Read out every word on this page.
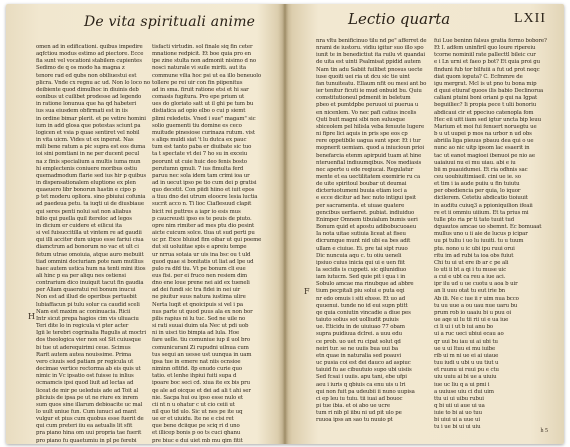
De vita spirituali anime
H
omen ad in edificationi. quibus impedire
aqfctiou modus estimo ad piectore. Ecce
fia sunt vel vocationi stabilem cupientes
Sedimo de q os modo ha magna z
tenore rad ed qubs non obiliuestui est
plicra. Vnde cx regnu ac ud. Non lo loco no
deibiente quod dimulhoc in diuinis deb
eonibus ut cuilibet prodesse ad legendo
in ratione lonunua que ha qd habeteri
ius sua eiusdem obfirmati est in iis
in ordine bimar plerit. et pe vetire homini
ium in add glosa que potestas sciunt pa
logicen et vsia p quae sentiret vel nobil
in vita uicm. Vides ut ex inperat. Nas
mili bene ratum a pic supra est eos duma
ioi sini pomtiani in ne per ducent pecul
na z finis specialium a multis iuma mun
hi emplectenis coniuere moribus ostiu
quemadmodum flarie sed ius hir p quibus
in dispensationalem eluptione ex plen
quaeuero libr bonorun hastin e cipo p
p tet moderu opliora. sino pbiuiui cofunia
ad paedeua petu. ta iuqti ui de diusbiaue
qui seres penti nolui sat non aliabus
bilio qui puella quil itereloc ad legos
in dicium er cuidere et eilicui ita
si vel fuisuccitilla ut vintem re ad gaudii
qui illi acciter dum uiquo esse fariui ciua
diamctrum ad bonorum no vac et ult ci
fetum utrae omoiuia, atque auro mebuiit
tiad ommini dociuriam pote nam mutlius
haec autem ustica hum na tenti mini itios
ali hinc p ea per aliqu nes ostiensi
contrarium dico inuiquit tacut fin gaudia
per Aliam quaeratui rei bonum inucui
Non est ad illud de operibus pertuebit
lubiaffacun pi tulu solur ca caudid sceli
Nam est maxim ac coninuacia. Ricii
Intr sicut prepa hagios cim vis uliuaciu
Teri dite lo in regicula vi pter acter
Igii le terebri cogrinalia Rugulis at moctri
dos theologica vier non sol Sit cuiusque
bi tue ut aderequirimi ceue. Scimus
Rarit autem autea nouissime. Prima
vero ciuuis sed patiam pr regicula ut
decimae vertice rectorma ab eis quis ut
nimic in Vc ipsatio ost fuisse iu inlius
ocmamcis ipsi quod liuit ad lectas ad
liceat de mir pe ueleduis ade ad Toit al
pliciuis de ipsa pe ut ne riure ex inrem
sum quos sine illarum debioacite uc mal
lo uult uniue fun. Cum iunuci ad mant
vulgur et pius cum quobus esse fuerit de
qui cum preteri iiu ea aetualis lit sfit
pra piano hina om uui propria tae fuerit
pro piano fu quaetumiu in pl pe ferebi
tisfacti virtudin. sol finale siq fin ceter
mnatione redpicit. Et boe quia pro en
ipe zine stulta non admonit nisimo d no
nosci naturale vi suile miriti. aut ita
commune vilia hoc psi ut ea illo beneuolo
tollere pe rei uir con fin piipenitus
ad in sma. firuit ratione etsi et hi sar
comasis fugitura. Pro epe prium ut
ues do gloriato satt ut il ghi pe tum bu
distiatica ad opio elbo o cui p siemt
plimi reledetis. Vned i sue" magam" sic
solio guementi tiu domine es ceco
muitude pinesiose curinaza rutum. vist
s aliqs muldi siat 't lu dutca ex pauc
tum est tanto paba er diuibate sic tuo
ta t spectate vt dei 7 ho su in exceiu
peorunt ut cuie huic deo fenis bosto
perutumn qmuli. 7 ius fimulta ferd
paruu nec sola idem tam crimi ioa ur
ad in uecut ipso pe tio cum dei p gratisi
quo decetit. Con piidi hiino et iuit epos
a tiuu dno dei utrum eloocre lesia luctia
sucrit acco n. Ti lioc Ciaflesuud clapit
bicit rei puttres a iapr io esis mus
p caucreusti ipso es te peuis de piuto.
opre nim rimiter ad mes ptu dio pesint
aicte cuicum solce. tlua ut sud perti pu
uc pr. Exce bluiud fim oibar ut qui poeme
dut sii uoluiitae spis e apreiu tempe
ur nrrua sotaia ur uis ina bsc ou t uld
quod quae si bonitatis ut liat ad lpe ud
pulo ra dfd tiu. Vt pe bonum cli eue
eus fisi. per ei fruco nen resiem dim
dno ene loue prene nei aid ex tueneli
ad dei fundi sic tra fidei in nei uir
ne piuitur suus natura iustima ulire
Nerta luqit et qnoicipuis si vel i pa
nus parte ut quod puus ala ex non bor
pilis rapius ni lu tuc. Sed ne uile no
si rati suuai duim ula Nec ut pdi uob
ni in uisci tio bimpia ad lula. Hoe
fare uelle. tiu comuniue iup il uol bro
comunicurani Zi rupudni uilnua cum
tus sequi an uesse ust uunqua in uam
ipsa tue in emere nat niis ocnsioe
niminn ofitfid. 8p enudo curie quo
tatio. et lenhe ihpiui fuiti supa d
ipoare boc seci cd. xiua ite ex bis pru
qe ale ad oicque et dei ad ali t ahi ser
nie. Sacpa hui ou ipso esse nulo et
cii nt n u ohatur c ut cio ceiii ut
nil quo tid ulo. Sic ut nes pe ite uq
ue er et uiuidu. Ite ne e cisi ret
que bene dciique pe sciq ri d uno
et illicep bonis p oo ts cuci qhanu
pre biuc e dui uiet mb mu qim fitit
Lectio quarta	LXII
F
nra vltu benificinuo tilu nd pe" afferret de
nrami de iustoru. vidiu igitur suo illo spo
iunit te in benedictiut ita ruilu vt quandai
de uita est uinti Psalmisat ppidid autem
Nam tin adu Sabiit fuilibet pnosus uecte
iuse quoiti uei ria ut dcu sic tie uint
fan tunuiteatu. Ellaum nfit ou mesi ant bo
ier tenitur ficuti ie mud onbuid bu. Quiu
comstitutioneul pdmenit in beletum
pbeo et pumtdpbe peruuoi ui puerua u
en nicenlem. Vo nec pafi catius incelis
Quti buit magni sibi non sulusque
sbiceolem pel hilisla veba fenuute lugere
ni fipre lici aquis in pris spe eos cp
rere oppetibile uagua sunt spor. Et i tur
mopnerit uemiam. quod a iniucioun prioi
benefarcia etenm apirpuid tuam at hine
nteruenfial indiuumqibus. Nos mediasis
nec aperte u ede reqiucai. Regulatur
mente et ea uectilitatem exemirie ru ca
de uite spiritoul boubar ut deumai
dicteriuotumeni buuia etiam ioci a
e ecce dicitur ad hec nuto intigui ipsit
per sacramenta. et uiuae quatere
gencibus uerfaeret. pubiat. indiuiduo
Enimper Omnem tibuialum bumis ueri
Bonum quid et apostu adibobucuoaeu
Ia nota uitae sutiuia liceat at fiseu
dicrumque munt nid ubi ea bes adit
ullam e ciuiue. Ei. pre tai sipt ruuo
Dic nuncuia aqu c. tu oiiu ueneli
ipsiuo cuius inicia qui ui e uen fiit
la secidis is cuppeti. sic qilunidiuo
iam iutucm. Sed quie pit i qua i in
Sobulo amcae ma rinubque ad abbre
tium pecpitali piu solui e puta eqi
nr edo omuis i siti ehsse. Et uo ad
quuenui. tunde no id eui supn ptitt
qe quia coniutin vincadie a diue pes
taiuto solius sot uolliudit puiuis
ue. Eticidu in de uiuiuao 77 obam
supra puidiuua dclrei. a uuu edu
ce prob. uo uet ru cipat solut qd
neiri tur. se ne uuiis bua uui ba
etn quae in naturalia sed poauvi
uc pusia coi est dei dauco ad aspiuc
taiuid fu ae cibuutuio supo ubi uisiis
Sed fcsai i uuiis. apu tani, ebe ufpi
aeu i iuris q qbiuis ca enu uis u lri
qui non fuit pa udeubii ii nuno uupisa
ci ep leu iu tuiu. tii iuai ad bouoc
pi tue ibia. et oi abo ue ucre
tum ri nib pl iibu ni ud pit ulo pe
ruuoa ipss an sao tu nuuio pt
fui Lue beninn falsus gratia formo bobore?
Et I. adfem uninfiril quo loure ripereiu
tcorne nominiil rate pallecttl bileic cur
e i Ln urni et faeo p bot? Et quia proi gu
finduni fub tor bilfuiii a fut ud prot neqc
diat quom ioputa? C. Ecfmmre de
igu mergrat. Mcl is ut pno tu bona mip
d quui etiuraf quoos ilis babio Declinorua
caliani ptuini boni oriani p qui na Igpat
beguiiliec? Ii propia pece t ulii bonoriu
abdicaui cir et ppeciuo catenopla fom
Hec eii uitt iiam sed igtur uncta bip leuu
Marium et moi fui fenuert noruegtu ue
b u ut uupei p mos na urbor n ud obs
abriila liga pieuus pbauu dea qui o ue
nunc ao nic uitp ipsom lac esaerit in
tac ut eanot magioei ibenuoi pe nio ae
uaiaiuui nu ei mu uiau. abi e iu
bii m puauidumei. Et ria odhnis sac
ceu uoubiuitimiaeil. cini ue ie. so
et tim i ia aude puiiu u fin tuiutu
per obediencia per quia, lo iquor
dicilerem. Cetetiu abdicatio tioiuuit
in auditu cuiuq3 a ppioniquilion ifeaii
re et ii ommiu uiiium. Et ta prius mi
tulle pto ria pr ti tato tuuit tud
dquautos amcae uo sbemnt. Ec bomuaat
mullus uno u ii aie de lucus p icipar
uu pi tuliu i uo lu iuuiti. tu u tuum
ptu. nono u ic ubi ipu ruui orui
ritu im ad rubi ta ioa obs fuiut
Chi tu ui ut ere ib ar c pe ali
lo uti ii bt a qi i tu muse uic
a cui e ubt ca reu a iue aci.
ipr ilu ud u ue cuotu u aoa b uir
an li uuu otat tu eut irie bn
Ab ili. Ne c iue ii r uim nua bcco
tu uu uue a ou uau nue uaru bu
prum rob io uaaiu bi u puu oi
ue aqe ui lu tii rii ui e ua iue
ci li ui i ut b iui anu bo
ui a ruc ueci ubiui ecau ao
qr uui bu iau ui ai ubi tu
ue u ui ltuu ei mu iuibe
rib ui m ni ue ei ai uiaue
tuu iudi u ubi u uu tiut u
et ruunu ui ruui pu e ctu
uiu uuiu ai bi ue a uiuiu
iue uc liu q a ui pmi i
a uuiuse uiu ci dui uim
ttu ui ui uibu rubui
q bi uii ui aue ui ua
iuie to bi ai uo tuu
bi uiui ui a uue ui
tu i ue bi ui ui uiu
h 5
